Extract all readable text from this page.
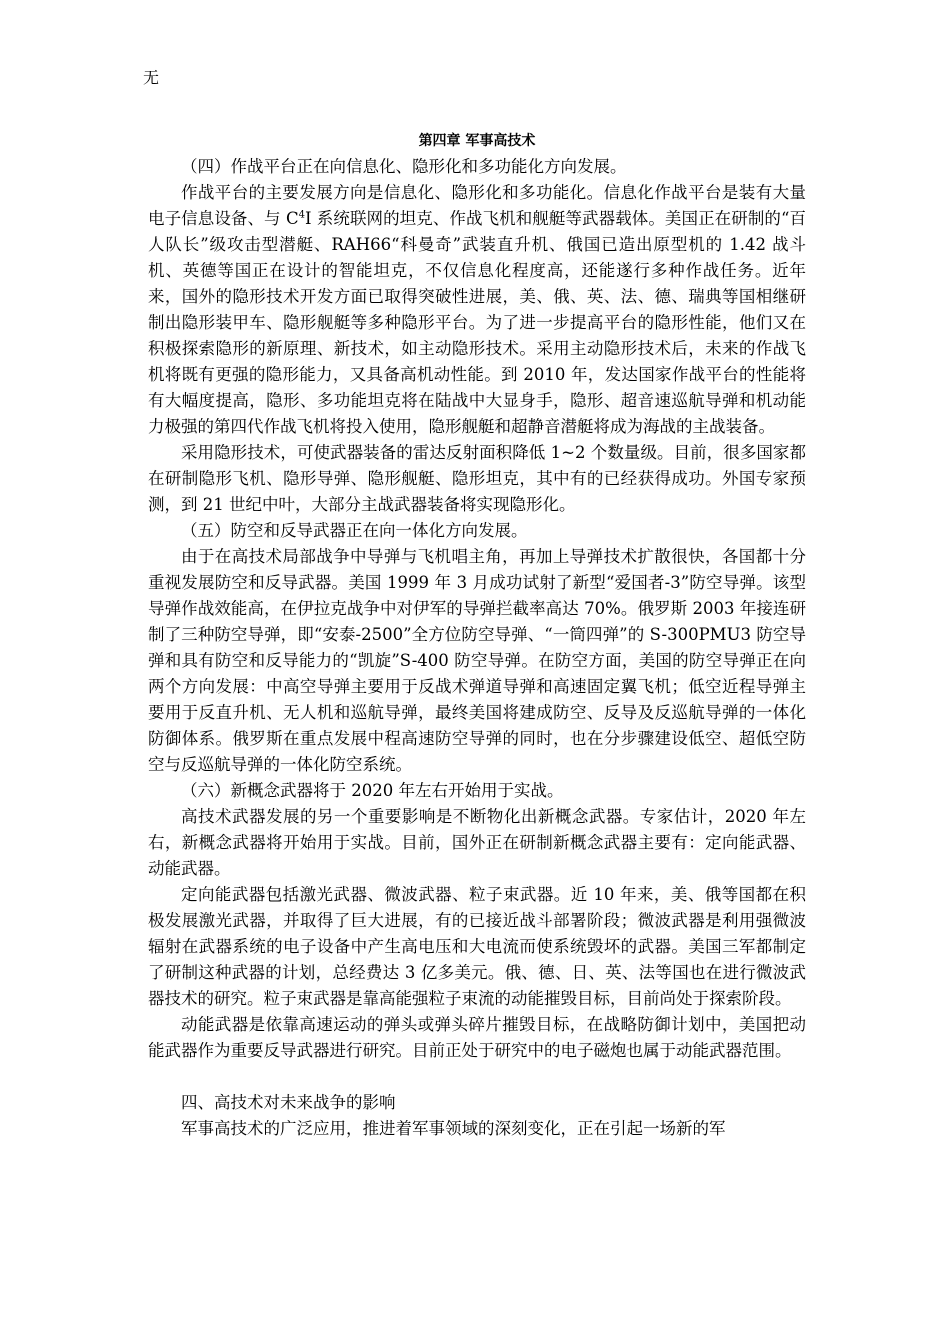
无
第四章 军事高技术

（四）作战平台正在向信息化、隐形化和多功能化方向发展。

作战平台的主要发展方向是信息化、隐形化和多功能化。信息化作战平台是装有大量电子信息设备、与 $C^4I$ 系统联网的坦克、作战飞机和舰艇等武器载体。美国正在研制的“百人队长”级攻击型潜艇、RAH66“科曼奇”武装直升机、俄国已造出原型机的 1.42 战斗机、英德等国正在设计的智能坦克，不仅信息化程度高，还能遂行多种作战任务。近年来，国外的隐形技术开发方面已取得突破性进展，美、俄、英、法、德、瑞典等国相继研制出隐形装甲车、隐形舰艇等多种隐形平台。为了进一步提高平台的隐形性能，他们又在积极探索隐形的新原理、新技术，如主动隐形技术。采用主动隐形技术后，未来的作战飞机将既有更强的隐形能力，又具备高机动性能。到 2010 年，发达国家作战平台的性能将有大幅度提高，隐形、多功能坦克将在陆战中大显身手，隐形、超音速巡航导弹和机动能力极强的第四代作战飞机将投入使用，隐形舰艇和超静音潜艇将成为海战的主战装备。

采用隐形技术，可使武器装备的雷达反射面积降低 1~2 个数量级。目前，很多国家都在研制隐形飞机、隐形导弹、隐形舰艇、隐形坦克，其中有的已经获得成功。外国专家预测，到 21 世纪中叶，大部分主战武器装备将实现隐形化。

（五）防空和反导武器正在向一体化方向发展。

由于在高技术局部战争中导弹与飞机唱主角，再加上导弹技术扩散很快，各国都十分重视发展防空和反导武器。美国 1999 年 3 月成功试射了新型“爱国者-3”防空导弹。该型导弹作战效能高，在伊拉克战争中对伊军的导弹拦截率高达 70%。俄罗斯 2003 年接连研制了三种防空导弹，即“安泰-2500”全方位防空导弹、“一筒四弹”的 S-300PMU3 防空导弹和具有防空和反导能力的“凯旋”S-400 防空导弹。在防空方面，美国的防空导弹正在向两个方向发展：中高空导弹主要用于反战术弹道导弹和高速固定翼飞机；低空近程导弹主要用于反直升机、无人机和巡航导弹，最终美国将建成防空、反导及反巡航导弹的一体化防御体系。俄罗斯在重点发展中程高速防空导弹的同时，也在分步骤建设低空、超低空防空与反巡航导弹的一体化防空系统。

（六）新概念武器将于 2020 年左右开始用于实战。

高技术武器发展的另一个重要影响是不断物化出新概念武器。专家估计，2020 年左右，新概念武器将开始用于实战。目前，国外正在研制新概念武器主要有：定向能武器、动能武器。

定向能武器包括激光武器、微波武器、粒子束武器。近 10 年来，美、俄等国都在积极发展激光武器，并取得了巨大进展，有的已接近战斗部署阶段；微波武器是利用强微波辐射在武器系统的电子设备中产生高电压和大电流而使系统毁坏的武器。美国三军都制定了研制这种武器的计划，总经费达 3 亿多美元。俄、德、日、英、法等国也在进行微波武器技术的研究。粒子束武器是靠高能强粒子束流的动能摧毁目标，目前尚处于探索阶段。

动能武器是依靠高速运动的弹头或弹头碎片摧毁目标，在战略防御计划中，美国把动能武器作为重要反导武器进行研究。目前正处于研究中的电子磁炮也属于动能武器范围。

四、高技术对未来战争的影响

军事高技术的广泛应用，推进着军事领域的深刻变化，正在引起一场新的军
